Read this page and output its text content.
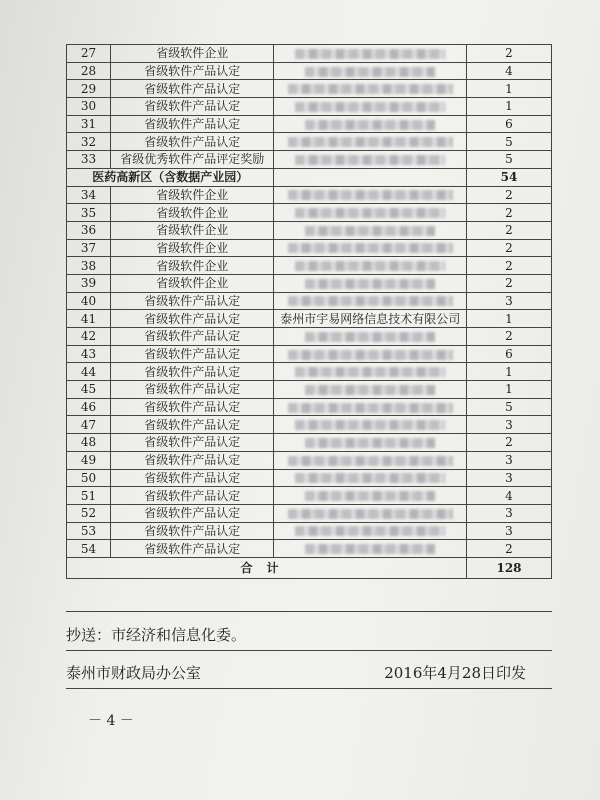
27	省级软件企业		2
28	省级软件产品认定		4
29	省级软件产品认定		1
30	省级软件产品认定		1
31	省级软件产品认定		6
32	省级软件产品认定		5
33	省级优秀软件产品评定奖励		5
医药高新区（含数据产业园）			54
34	省级软件企业		2
35	省级软件企业		2
36	省级软件企业		2
37	省级软件企业		2
38	省级软件企业		2
39	省级软件企业		2
40	省级软件产品认定		3
41	省级软件产品认定	泰州市宇易网络信息技术有限公司	1
42	省级软件产品认定		2
43	省级软件产品认定		6
44	省级软件产品认定		1
45	省级软件产品认定		1
46	省级软件产品认定		5
47	省级软件产品认定		3
48	省级软件产品认定		2
49	省级软件产品认定		3
50	省级软件产品认定		3
51	省级软件产品认定		4
52	省级软件产品认定		3
53	省级软件产品认定		3
54	省级软件产品认定		2
合计			128
抄送：市经济和信息化委。
泰州市财政局办公室	2016年4月28日印发
－ 4 －
